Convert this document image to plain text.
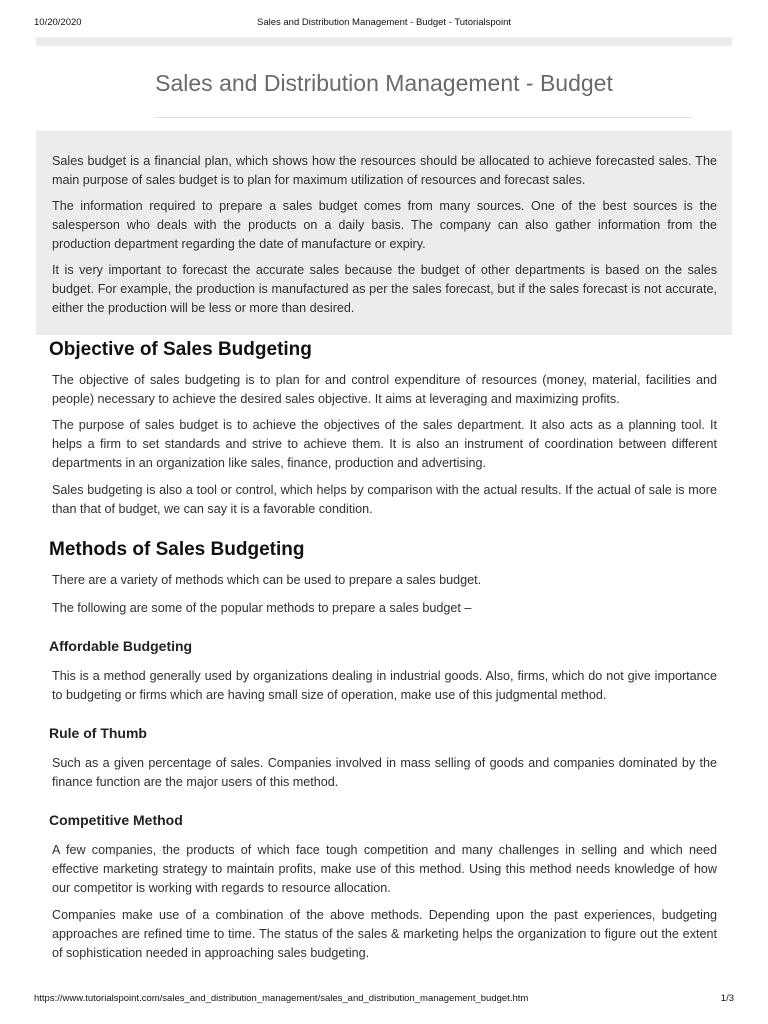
10/20/2020	Sales and Distribution Management - Budget - Tutorialspoint
Sales and Distribution Management - Budget

Sales budget is a financial plan, which shows how the resources should be allocated to achieve forecasted sales. The main purpose of sales budget is to plan for maximum utilization of resources and forecast sales.

The information required to prepare a sales budget comes from many sources. One of the best sources is the salesperson who deals with the products on a daily basis. The company can also gather information from the production department regarding the date of manufacture or expiry.

It is very important to forecast the accurate sales because the budget of other departments is based on the sales budget. For example, the production is manufactured as per the sales forecast, but if the sales forecast is not accurate, either the production will be less or more than desired.

Objective of Sales Budgeting

The objective of sales budgeting is to plan for and control expenditure of resources (money, material, facilities and people) necessary to achieve the desired sales objective. It aims at leveraging and maximizing profits.

The purpose of sales budget is to achieve the objectives of the sales department. It also acts as a planning tool. It helps a firm to set standards and strive to achieve them. It is also an instrument of coordination between different departments in an organization like sales, finance, production and advertising.

Sales budgeting is also a tool or control, which helps by comparison with the actual results. If the actual of sale is more than that of budget, we can say it is a favorable condition.

Methods of Sales Budgeting

There are a variety of methods which can be used to prepare a sales budget.

The following are some of the popular methods to prepare a sales budget –

Affordable Budgeting

This is a method generally used by organizations dealing in industrial goods. Also, firms, which do not give importance to budgeting or firms which are having small size of operation, make use of this judgmental method.

Rule of Thumb

Such as a given percentage of sales. Companies involved in mass selling of goods and companies dominated by the finance function are the major users of this method.

Competitive Method

A few companies, the products of which face tough competition and many challenges in selling and which need effective marketing strategy to maintain profits, make use of this method. Using this method needs knowledge of how our competitor is working with regards to resource allocation.

Companies make use of a combination of the above methods. Depending upon the past experiences, budgeting approaches are refined time to time. The status of the sales & marketing helps the organization to figure out the extent of sophistication needed in approaching sales budgeting.

https://www.tutorialspoint.com/sales_and_distribution_management/sales_and_distribution_management_budget.htm	1/3
